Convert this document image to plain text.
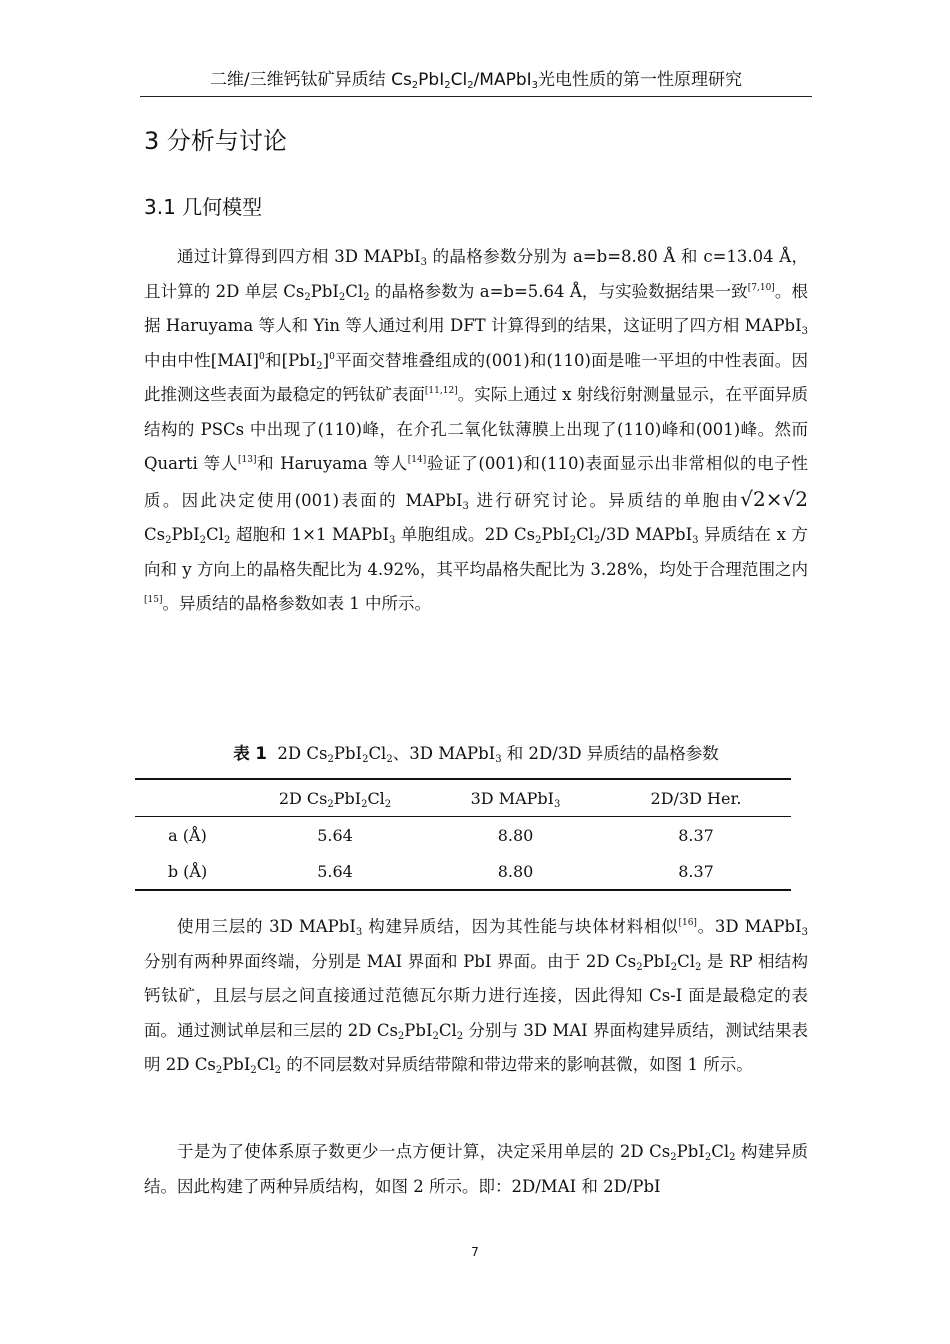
二维/三维钙钛矿异质结 $Cs_2PbI_2Cl_2/MAPbI_3$光电性质的第一性原理研究
3 分析与讨论
3.1 几何模型
通过计算得到四方相 3D MAPbI$_3$ 的晶格参数分别为 a=b=8.80 Å 和 c=13.04 Å，且计算的 2D 单层 $Cs_2PbI_2Cl_2$ 的晶格参数为 a=b=5.64 Å，与实验数据结果一致[7,10]。根据 Haruyama 等人和 Yin 等人通过利用 DFT 计算得到的结果，这证明了四方相 MAPbI$_3$ 中由中性[MAI]$^0$和$[PbI_2]^0$平面交替堆叠组成的(001)和(110)面是唯一平坦的中性表面。因此推测这些表面为最稳定的钙钛矿表面[11,12]。实际上通过 x 射线衍射测量显示，在平面异质结构的 PSCs 中出现了(110)峰，在介孔二氧化钛薄膜上出现了(110)峰和(001)峰。然而 Quarti 等人[13]和 Haruyama 等人[14]验证了(001)和(110)表面显示出非常相似的电子性质。因此决定使用(001)表面的 MAPbI$_3$ 进行研究讨论。异质结的单胞由√2×√2 $Cs_2PbI_2Cl_2$ 超胞和 1×1 MAPbI$_3$ 单胞组成。2D $Cs_2PbI_2Cl_2/3D$ MAPbI$_3$ 异质结在 x 方向和 y 方向上的晶格失配比为 4.92%，其平均晶格失配比为 3.28%，均处于合理范围之内[15]。异质结的晶格参数如表 1 中所示。
表 1 2D $Cs_2PbI_2Cl_2$、3D MAPbI$_3$ 和 2D/3D 异质结的晶格参数
	2D $Cs_2PbI_2Cl_2$	3D MAPbI$_3$	2D/3D Her.
a (Å)	5.64	8.80	8.37
b (Å)	5.64	8.80	8.37
使用三层的 3D MAPbI$_3$ 构建异质结，因为其性能与块体材料相似[16]。3D MAPbI$_3$ 分别有两种界面终端，分别是 MAI 界面和 PbI 界面。由于 2D $Cs_2PbI_2Cl_2$ 是 RP 相结构钙钛矿，且层与层之间直接通过范德瓦尔斯力进行连接，因此得知 Cs-I 面是最稳定的表面。通过测试单层和三层的 2D $Cs_2PbI_2Cl_2$ 分别与 3D MAI 界面构建异质结，测试结果表明 2D $Cs_2PbI_2Cl_2$ 的不同层数对异质结带隙和带边带来的影响甚微，如图 1 所示。
于是为了使体系原子数更少一点方便计算，决定采用单层的 2D $Cs_2PbI_2Cl_2$ 构建异质结。因此构建了两种异质结构，如图 2 所示。即：2D/MAI 和 2D/PbI
7
